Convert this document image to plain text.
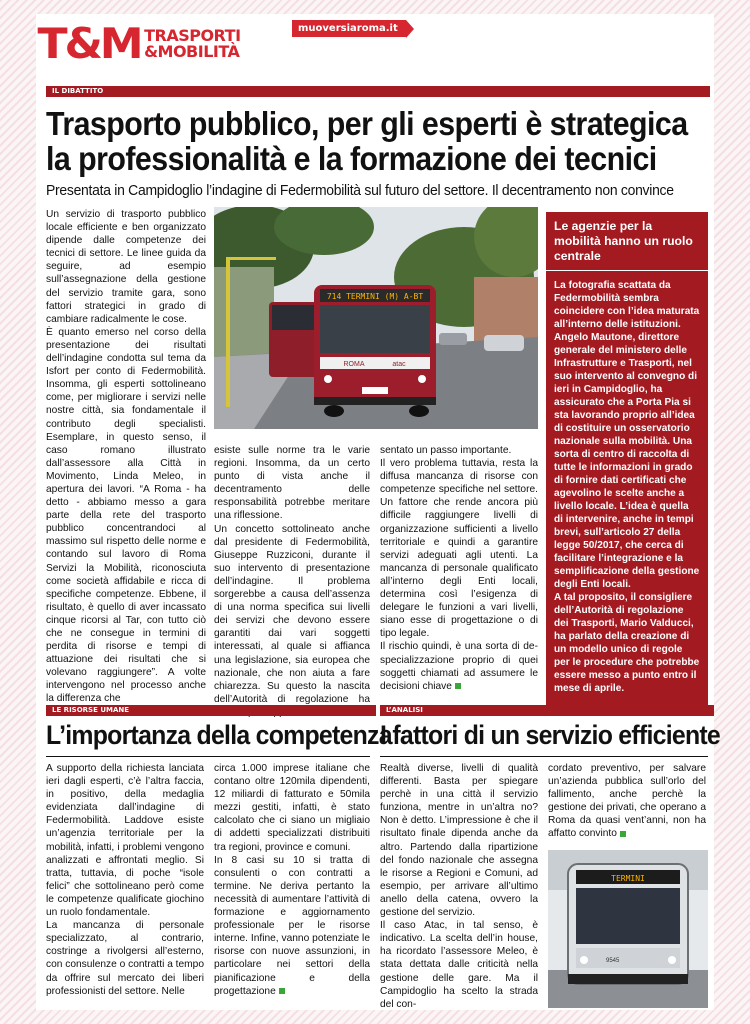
T&M TRASPORTI
&MOBILITÀ
muoversiaroma.it
IL DIBATTITO
Trasporto pubblico, per gli esperti è strategica
la professionalità e la formazione dei tecnici
Presentata in Campidoglio l’indagine di Federmobilità sul futuro del settore. Il decentramento non convince

Un servizio di trasporto pubblico locale efficiente e ben organizzato dipende dalle competenze dei tecnici di settore. Le linee guida da seguire, ad esempio sull’assegnazione della gestione del servizio tramite gara, sono fattori strategici in grado di cambiare radicalmente le cose.

È quanto emerso nel corso della presentazione dei risultati dell’indagine condotta sul tema da Isfort per conto di Federmobilità. Insomma, gli esperti sottolineano come, per migliorare i servizi nelle nostre città, sia fondamentale il contributo degli specialisti. Esemplare, in questo senso, il caso romano illustrato dall’assessore alla Città in Movimento, Linda Meleo, in apertura dei lavori. “A Roma - ha detto - abbiamo messo a gara parte della rete del trasporto pubblico concentrandoci al massimo sul rispetto delle norme e contando sul lavoro di Roma Servizi la Mobilità, riconosciuta come società affidabile e ricca di specifiche competenze. Ebbene, il risultato, è quello di aver incassato cinque ricorsi al Tar, con tutto ciò che ne consegue in termini di perdita di risorse e tempi di attuazione dei risultati che si volevano raggiungere”. A volte intervengono nel processo anche la differenza che

714 TERMINI (M) A-BT
ROMA	atac

esiste sulle norme tra le varie regioni. Insomma, da un certo punto di vista anche il decentramento delle responsabilità potrebbe meritare una riflessione.

Un concetto sottolineato anche dal presidente di Federmobilità, Giuseppe Ruzziconi, durante il suo intervento di presentazione dell’indagine. Il problema sorgerebbe a causa dell’assenza di una norma specifica sui livelli dei servizi che devono essere garantiti dai vari soggetti interessati, al quale si affianca una legislazione, sia europea che nazionale, che non aiuta a fare chiarezza. Su questo la nascita dell’Autorità di regolazione ha

sentato un passo importante.

Il vero problema tuttavia, resta la diffusa mancanza di risorse con competenze specifiche nel settore. Un fattore che rende ancora più difficile raggiungere livelli di organizzazione sufficienti a livello territoriale e quindi a garantire servizi adeguati agli utenti. La mancanza di personale qualificato all’interno degli Enti locali, determina così l’esigenza di delegare le funzioni a vari livelli, siano esse di progettazione o di tipo legale.

Il rischio quindi, è una sorta di de-specializzazione proprio di quei soggetti chiamati ad assumere le decisioni chiave

Le agenzie per la mobilità hanno un ruolo centrale

La fotografia scattata da Federmobilità sembra coincidere con l’idea maturata all’interno delle istituzioni. Angelo Mautone, direttore generale del ministero delle Infrastrutture e Trasporti, nel suo intervento al convegno di ieri in Campidoglio, ha assicurato che a Porta Pia si sta lavorando proprio all’idea di costituire un osservatorio nazionale sulla mobilità. Una sorta di centro di raccolta di tutte le informazioni in grado di fornire dati certificati che agevolino le scelte anche a livello locale. L’idea è quella di intervenire, anche in tempi brevi, sull’articolo 27 della legge 50/2017, che cerca di facilitare l’integrazione e la semplificazione della gestione degli Enti locali.

A tal proposito, il consigliere dell’Autorità di regolazione dei Trasporti, Mario Valducci, ha parlato della creazione di un modello unico di regole per le procedure che potrebbe essere messo a punto entro il mese di aprile.

LE RISORSE UMANE
L’importanza della competenza

A supporto della richiesta lanciata ieri dagli esperti, c’è l’altra faccia, in positivo, della medaglia evidenziata dall’indagine di Federmobilità. Laddove esiste un’agenzia territoriale per la mobilità, infatti, i problemi vengono analizzati e affrontati meglio. Si tratta, tuttavia, di poche “isole felici” che sottolineano però come le competenze qualificate giochino un ruolo fondamentale.

La mancanza di personale specializzato, al contrario, costringe a rivolgersi all’esterno, con consulenze o contratti a tempo da offrire sul mercato dei liberi professionisti del settore. Nelle

circa 1.000 imprese italiane che contano oltre 120mila dipendenti, 12 miliardi di fatturato e 50mila mezzi gestiti, infatti, è stato calcolato che ci siano un migliaio di addetti specializzati distribuiti tra regioni, province e comuni.

In 8 casi su 10 si tratta di consulenti o con contratti a termine. Ne deriva pertanto la necessità di aumentare l’attività di formazione e aggiornamento professionale per le risorse interne. Infine, vanno potenziate le risorse con nuove assunzioni, in particolare nei settori della pianificazione e della progettazione

L’ANALISI
I fattori di un servizio efficiente

Realtà diverse, livelli di qualità differenti. Basta per spiegare perchè in una città il servizio funziona, mentre in un’altra no? Non è detto. L’impressione è che il risultato finale dipenda anche da altro. Partendo dalla ripartizione del fondo nazionale che assegna le risorse a Regioni e Comuni, ad esempio, per arrivare all’ultimo anello della catena, ovvero la gestione del servizio.

Il caso Atac, in tal senso, è indicativo. La scelta dell’in house, ha ricordato l’assessore Meleo, è stata dettata dalle criticità nella gestione delle gare. Ma il Campidoglio ha scelto la strada del con-

cordato preventivo, per salvare un’azienda pubblica sull’orlo del fallimento, anche perchè la gestione dei privati, che operano a Roma da quasi vent’anni, non ha affatto convinto

TERMINI
9545
